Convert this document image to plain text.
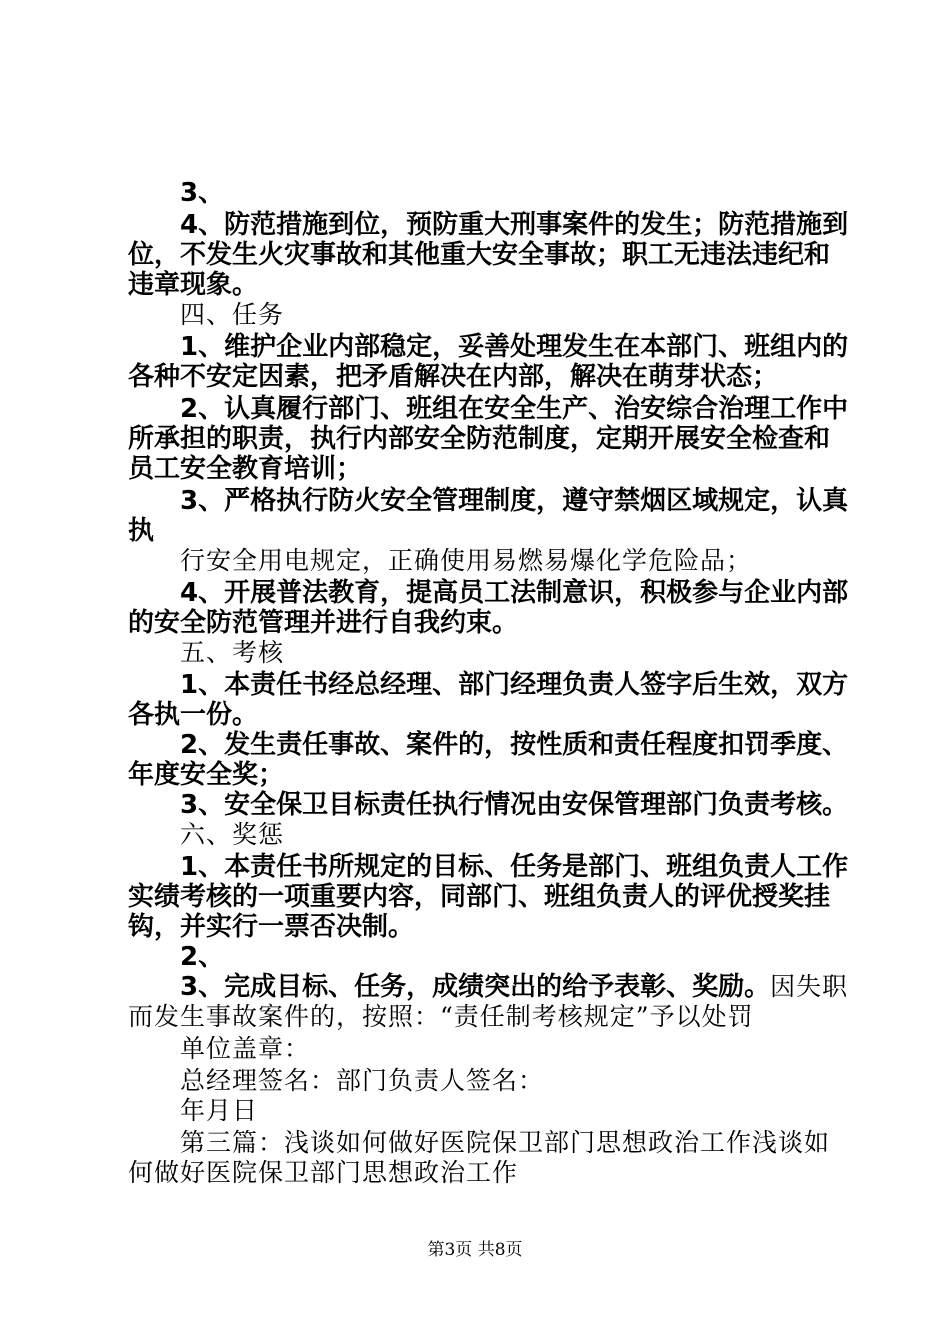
3、
4、防范措施到位，预防重大刑事案件的发生；防范措施到
位，不发生火灾事故和其他重大安全事故；职工无违法违纪和
违章现象。
四、任务
1、维护企业内部稳定，妥善处理发生在本部门、班组内的
各种不安定因素，把矛盾解决在内部，解决在萌芽状态；
2、认真履行部门、班组在安全生产、治安综合治理工作中
所承担的职责，执行内部安全防范制度，定期开展安全检查和
员工安全教育培训；
3、严格执行防火安全管理制度，遵守禁烟区域规定，认真
执
行安全用电规定，正确使用易燃易爆化学危险品；
4、开展普法教育，提高员工法制意识，积极参与企业内部
的安全防范管理并进行自我约束。
五、考核
1、本责任书经总经理、部门经理负责人签字后生效，双方
各执一份。
2、发生责任事故、案件的，按性质和责任程度扣罚季度、
年度安全奖；
3、安全保卫目标责任执行情况由安保管理部门负责考核。
六、奖惩
1、本责任书所规定的目标、任务是部门、班组负责人工作
实绩考核的一项重要内容，同部门、班组负责人的评优授奖挂
钩，并实行一票否决制。
2、
3、完成目标、任务，成绩突出的给予表彰、奖励。因失职
而发生事故案件的，按照：“责任制考核规定”予以处罚
单位盖章：
总经理签名：部门负责人签名：
年月日
第三篇：浅谈如何做好医院保卫部门思想政治工作浅谈如
何做好医院保卫部门思想政治工作
第3页 共8页
